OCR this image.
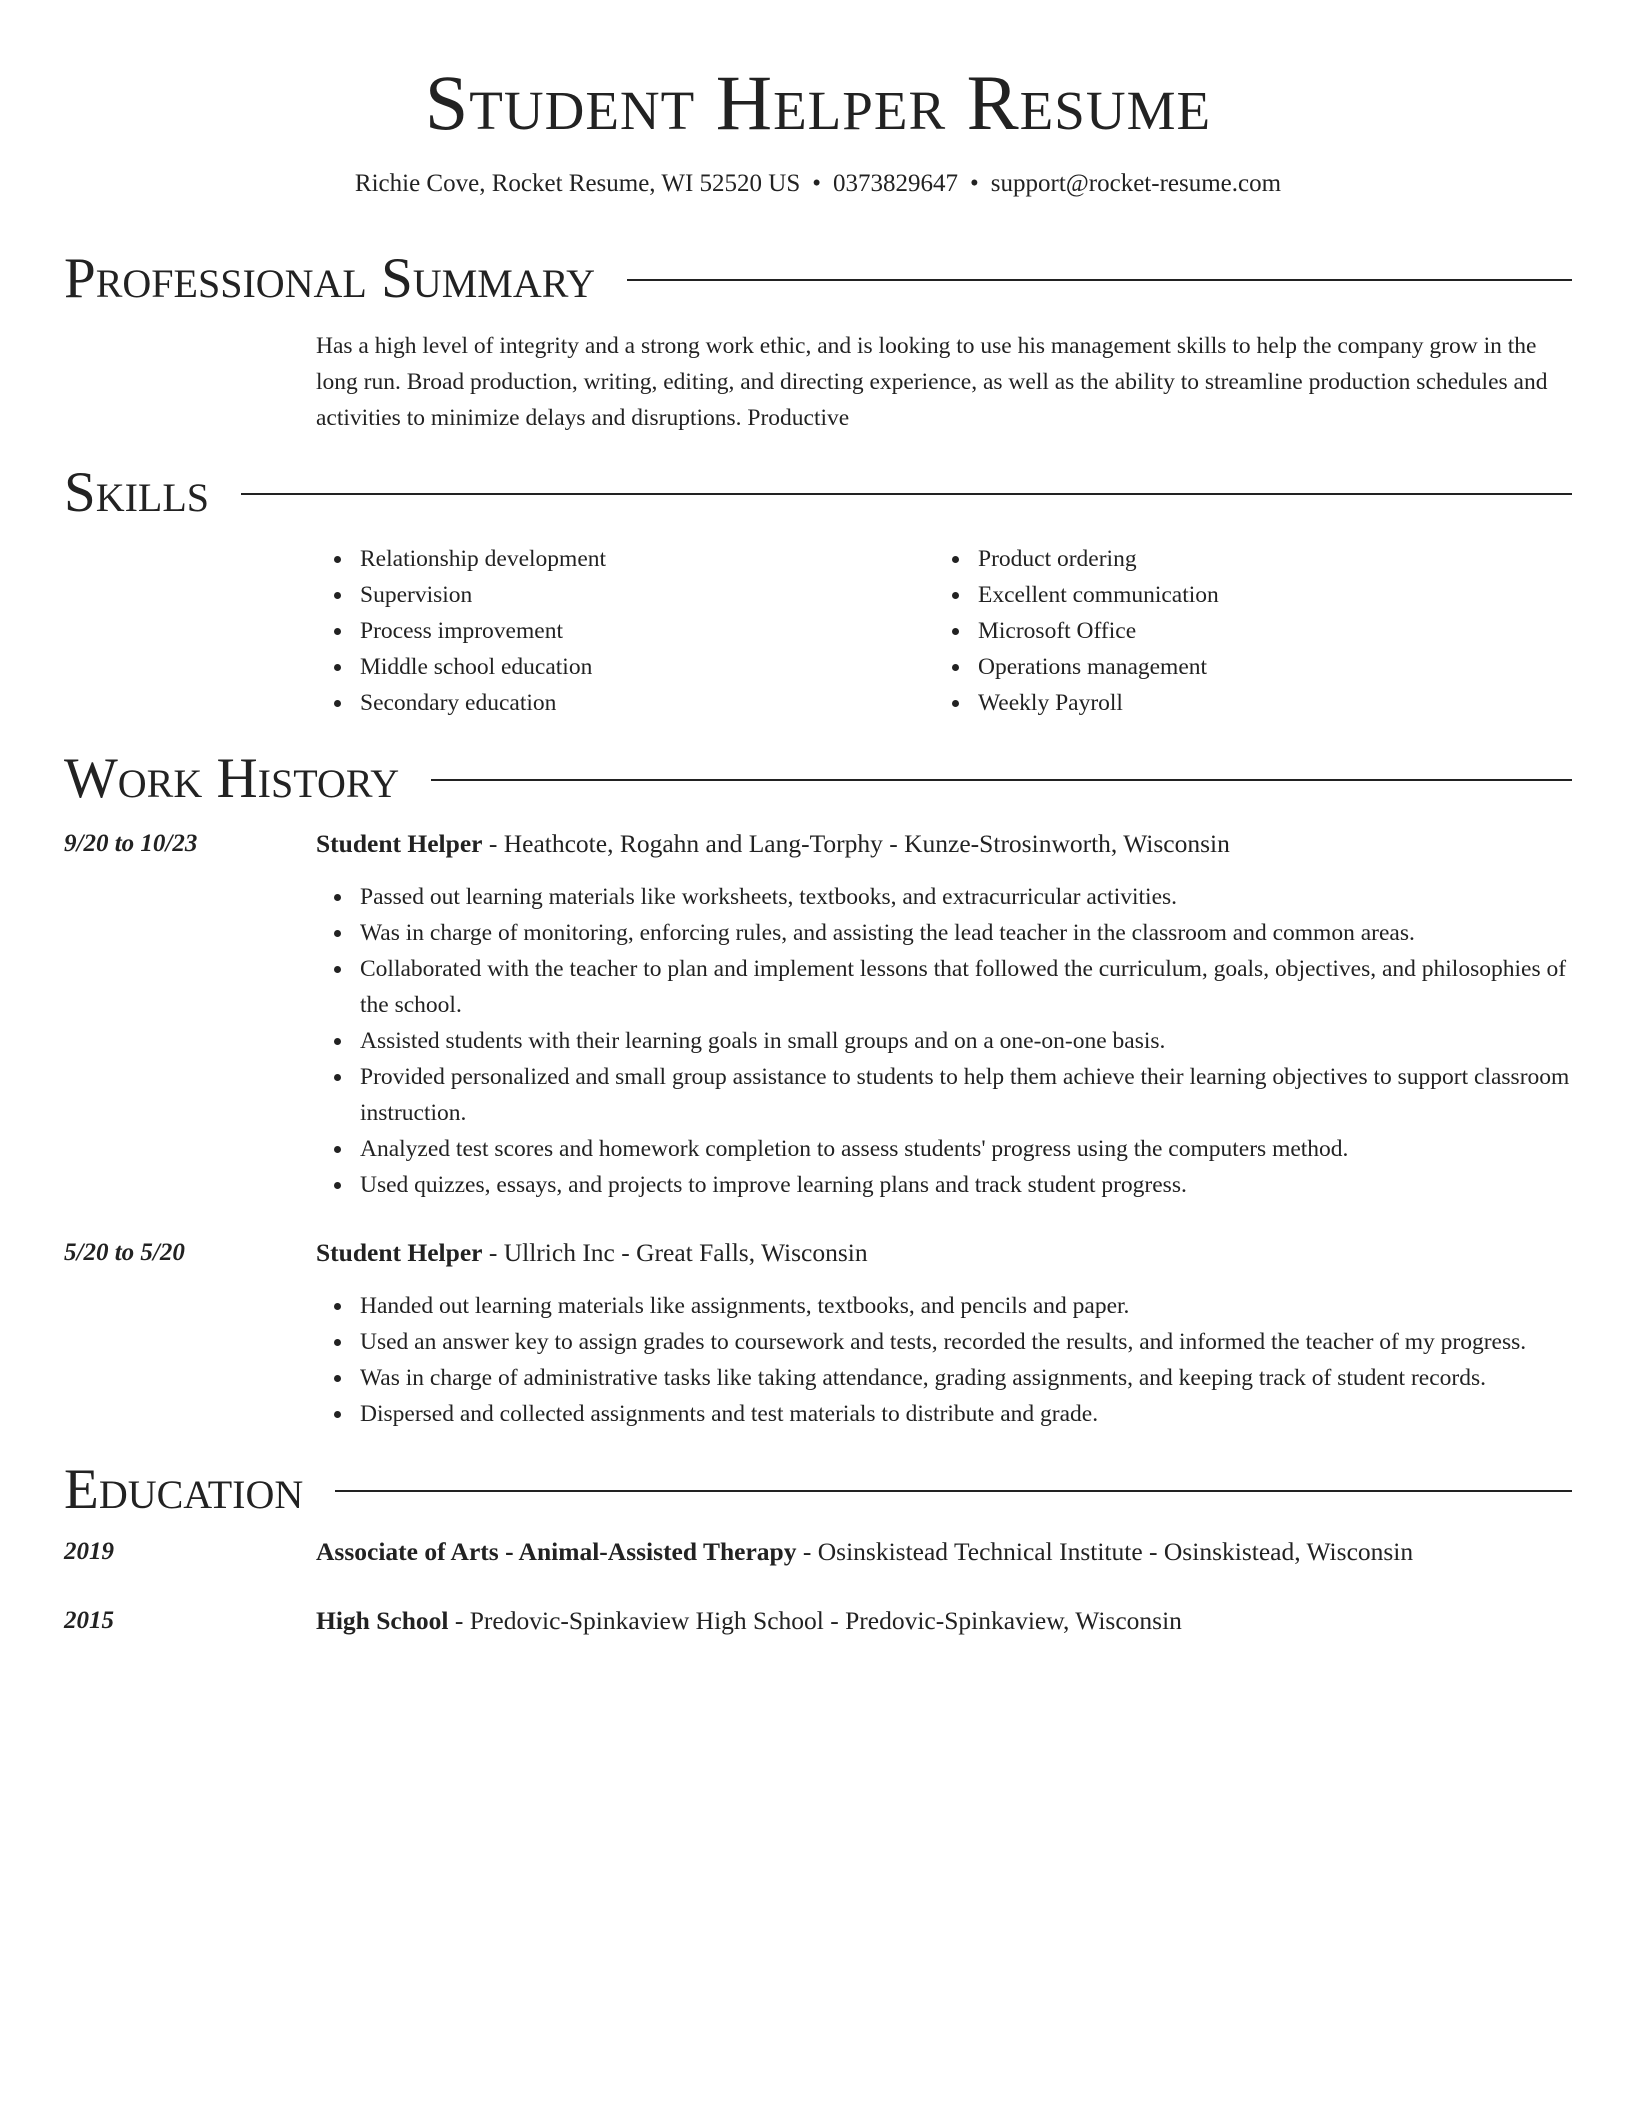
Student Helper Resume
Richie Cove, Rocket Resume, WI 52520 US • 0373829647 • support@rocket-resume.com
Professional Summary
Has a high level of integrity and a strong work ethic, and is looking to use his management skills to help the company grow in the long run. Broad production, writing, editing, and directing experience, as well as the ability to streamline production schedules and activities to minimize delays and disruptions. Productive
Skills
Relationship development
Supervision
Process improvement
Middle school education
Secondary education
Product ordering
Excellent communication
Microsoft Office
Operations management
Weekly Payroll
Work History
9/20 to 10/23	Student Helper - Heathcote, Rogahn and Lang-Torphy - Kunze-Strosinworth, Wisconsin
Passed out learning materials like worksheets, textbooks, and extracurricular activities.
Was in charge of monitoring, enforcing rules, and assisting the lead teacher in the classroom and common areas.
Collaborated with the teacher to plan and implement lessons that followed the curriculum, goals, objectives, and philosophies of the school.
Assisted students with their learning goals in small groups and on a one-on-one basis.
Provided personalized and small group assistance to students to help them achieve their learning objectives to support classroom instruction.
Analyzed test scores and homework completion to assess students' progress using the computers method.
Used quizzes, essays, and projects to improve learning plans and track student progress.
5/20 to 5/20	Student Helper - Ullrich Inc - Great Falls, Wisconsin
Handed out learning materials like assignments, textbooks, and pencils and paper.
Used an answer key to assign grades to coursework and tests, recorded the results, and informed the teacher of my progress.
Was in charge of administrative tasks like taking attendance, grading assignments, and keeping track of student records.
Dispersed and collected assignments and test materials to distribute and grade.
Education
2019	Associate of Arts - Animal-Assisted Therapy - Osinskistead Technical Institute - Osinskistead, Wisconsin
2015	High School - Predovic-Spinkaview High School - Predovic-Spinkaview, Wisconsin
